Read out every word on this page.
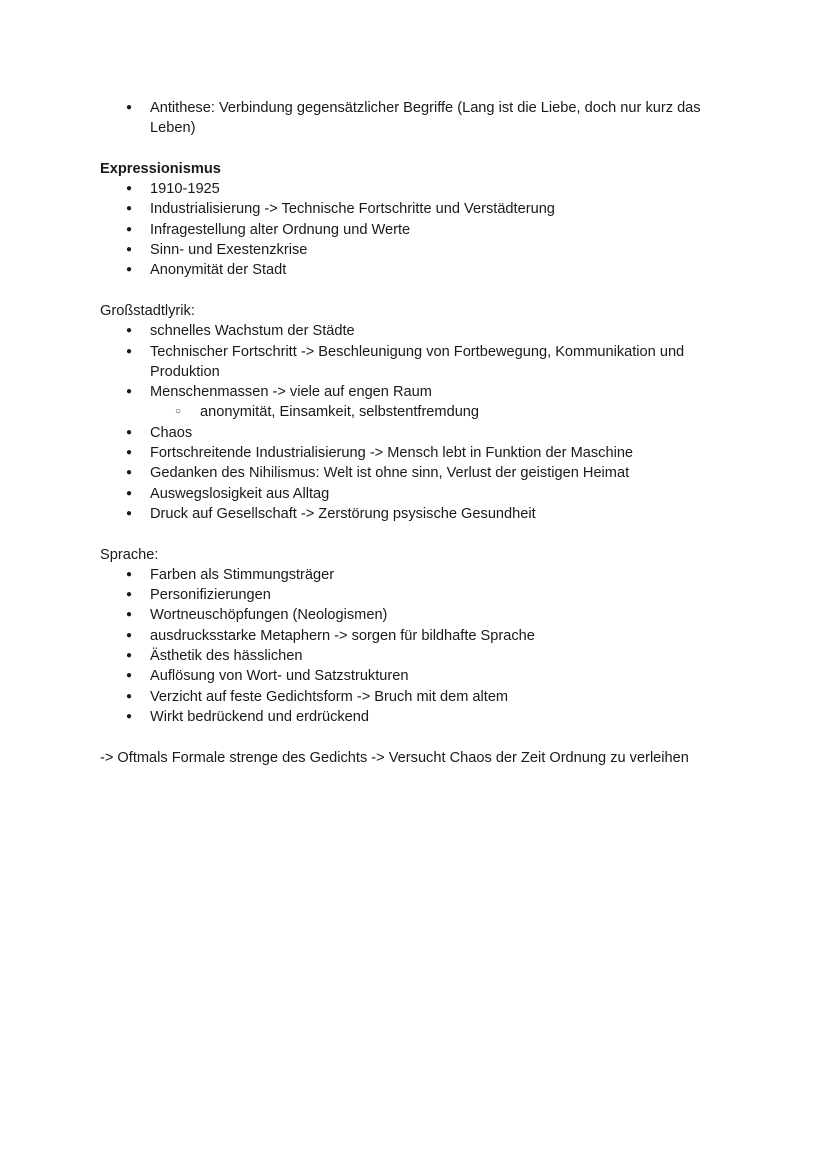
● Antithese: Verbindung gegensätzlicher Begriffe (Lang ist die Liebe, doch nur kurz das Leben)

Expressionismus

● 1910-1925
● Industrialisierung -> Technische Fortschritte und Verstädterung
● Infragestellung alter Ordnung und Werte
● Sinn- und Exestenzkrise
● Anonymität der Stadt

Großstadtlyrik:

● schnelles Wachstum der Städte
● Technischer Fortschritt -> Beschleunigung von Fortbewegung, Kommunikation und Produktion
● Menschenmassen -> viele auf engen Raum
○ anonymität, Einsamkeit, selbstentfremdung
● Chaos
● Fortschreitende Industrialisierung -> Mensch lebt in Funktion der Maschine
● Gedanken des Nihilismus: Welt ist ohne sinn, Verlust der geistigen Heimat
● Auswegslosigkeit aus Alltag
● Druck auf Gesellschaft -> Zerstörung psysische Gesundheit

Sprache:

● Farben als Stimmungsträger
● Personifizierungen
● Wortneuschöpfungen (Neologismen)
● ausdrucksstarke Metaphern -> sorgen für bildhafte Sprache
● Ästhetik des hässlichen
● Auflösung von Wort- und Satzstrukturen
● Verzicht auf feste Gedichtsform -> Bruch mit dem altem
● Wirkt bedrückend und erdrückend

-> Oftmals Formale strenge des Gedichts -> Versucht Chaos der Zeit Ordnung zu verleihen
